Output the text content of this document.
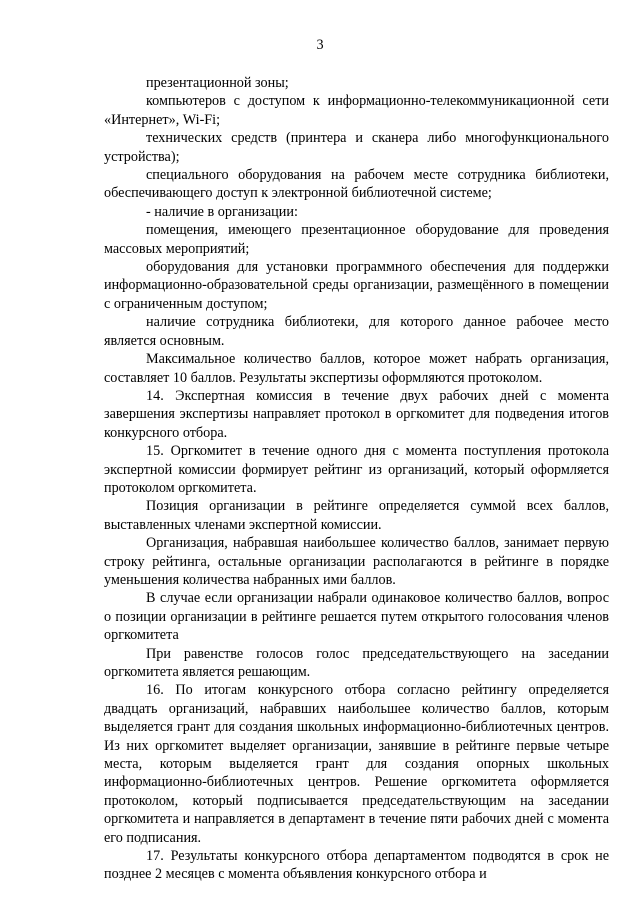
3

презентационной зоны;

компьютеров с доступом к информационно-телекоммуникационной сети «Интернет», Wi-Fi;

технических средств (принтера и сканера либо многофункционального устройства);

специального оборудования на рабочем месте сотрудника библиотеки, обеспечивающего доступ к электронной библиотечной системе;

- наличие в организации:

помещения, имеющего презентационное оборудование для проведения массовых мероприятий;

оборудования для установки программного обеспечения для поддержки информационно-образовательной среды организации, размещённого в помещении с ограниченным доступом;

наличие сотрудника библиотеки, для которого данное рабочее место является основным.

Максимальное количество баллов, которое может набрать организация, составляет 10 баллов. Результаты экспертизы оформляются протоколом.

14. Экспертная комиссия в течение двух рабочих дней с момента завершения экспертизы направляет протокол в оргкомитет для подведения итогов конкурсного отбора.

15. Оргкомитет в течение одного дня с момента поступления протокола экспертной комиссии формирует рейтинг из организаций, который оформляется протоколом оргкомитета.

Позиция организации в рейтинге определяется суммой всех баллов, выставленных членами экспертной комиссии.

Организация, набравшая наибольшее количество баллов, занимает первую строку рейтинга, остальные организации располагаются в рейтинге в порядке уменьшения количества набранных ими баллов.

В случае если организации набрали одинаковое количество баллов, вопрос о позиции организации в рейтинге решается путем открытого голосования членов оргкомитета

При равенстве голосов голос председательствующего на заседании оргкомитета является решающим.

16. По итогам конкурсного отбора согласно рейтингу определяется двадцать организаций, набравших наибольшее количество баллов, которым выделяется грант для создания школьных информационно-библиотечных центров. Из них оргкомитет выделяет организации, занявшие в рейтинге первые четыре места, которым выделяется грант для создания опорных школьных информационно-библиотечных центров. Решение оргкомитета оформляется протоколом, который подписывается председательствующим на заседании оргкомитета и направляется в департамент в течение пяти рабочих дней с момента его подписания.

17. Результаты конкурсного отбора департаментом подводятся в срок не позднее 2 месяцев с момента объявления конкурсного отбора и
